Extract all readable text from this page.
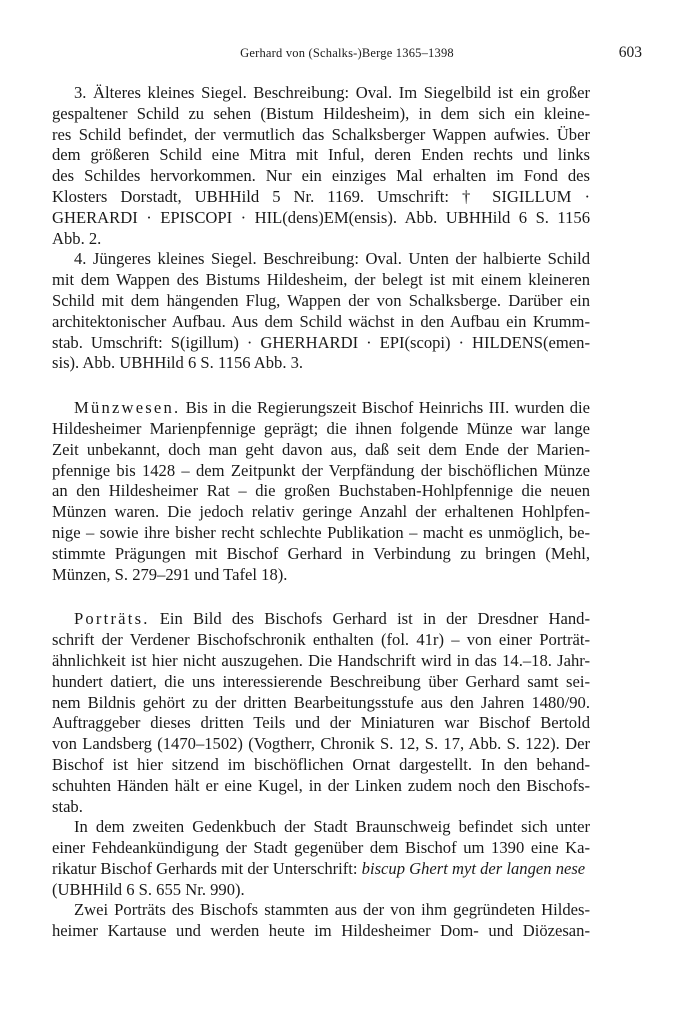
Gerhard von (Schalks-)Berge 1365–1398	603
3. Älteres kleines Siegel. Beschreibung: Oval. Im Siegelbild ist ein großer
gespaltener Schild zu sehen (Bistum Hildesheim), in dem sich ein kleine-
res Schild befindet, der vermutlich das Schalksberger Wappen aufwies. Über
dem größeren Schild eine Mitra mit Inful, deren Enden rechts und links
des Schildes hervorkommen. Nur ein einziges Mal erhalten im Fond des
Klosters Dorstadt, UBHHild 5 Nr. 1169. Umschrift: † SIGILLUM ·
GHERARDI · EPISCOPI · HIL(dens)EM(ensis). Abb. UBHHild 6 S. 1156
Abb. 2.
4. Jüngeres kleines Siegel. Beschreibung: Oval. Unten der halbierte Schild
mit dem Wappen des Bistums Hildesheim, der belegt ist mit einem kleineren
Schild mit dem hängenden Flug, Wappen der von Schalksberge. Darüber ein
architektonischer Aufbau. Aus dem Schild wächst in den Aufbau ein Krumm-
stab. Umschrift: S(igillum) · GHERHARDI · EPI(scopi) · HILDENS(emen-
sis). Abb. UBHHild 6 S. 1156 Abb. 3.
Münzwesen. Bis in die Regierungszeit Bischof Heinrichs III. wurden die
Hildesheimer Marienpfennige geprägt; die ihnen folgende Münze war lange
Zeit unbekannt, doch man geht davon aus, daß seit dem Ende der Marien-
pfennige bis 1428 – dem Zeitpunkt der Verpfändung der bischöflichen Münze
an den Hildesheimer Rat – die großen Buchstaben-Hohlpfennige die neuen
Münzen waren. Die jedoch relativ geringe Anzahl der erhaltenen Hohlpfen-
nige – sowie ihre bisher recht schlechte Publikation – macht es unmöglich, be-
stimmte Prägungen mit Bischof Gerhard in Verbindung zu bringen (Mehl,
Münzen, S. 279–291 und Tafel 18).
Porträts. Ein Bild des Bischofs Gerhard ist in der Dresdner Hand-
schrift der Verdener Bischofschronik enthalten (fol. 41r) – von einer Porträt-
ähnlichkeit ist hier nicht auszugehen. Die Handschrift wird in das 14.–18. Jahr-
hundert datiert, die uns interessierende Beschreibung über Gerhard samt sei-
nem Bildnis gehört zu der dritten Bearbeitungsstufe aus den Jahren 1480/90.
Auftraggeber dieses dritten Teils und der Miniaturen war Bischof Bertold
von Landsberg (1470–1502) (Vogtherr, Chronik S. 12, S. 17, Abb. S. 122). Der
Bischof ist hier sitzend im bischöflichen Ornat dargestellt. In den behand-
schuhten Händen hält er eine Kugel, in der Linken zudem noch den Bischofs-
stab.
In dem zweiten Gedenkbuch der Stadt Braunschweig befindet sich unter
einer Fehdeankündigung der Stadt gegenüber dem Bischof um 1390 eine Ka-
rikatur Bischof Gerhards mit der Unterschrift: biscup Ghert myt der langen nese
(UBHHild 6 S. 655 Nr. 990).
Zwei Porträts des Bischofs stammten aus der von ihm gegründeten Hildes-
heimer Kartause und werden heute im Hildesheimer Dom- und Diözesan-
